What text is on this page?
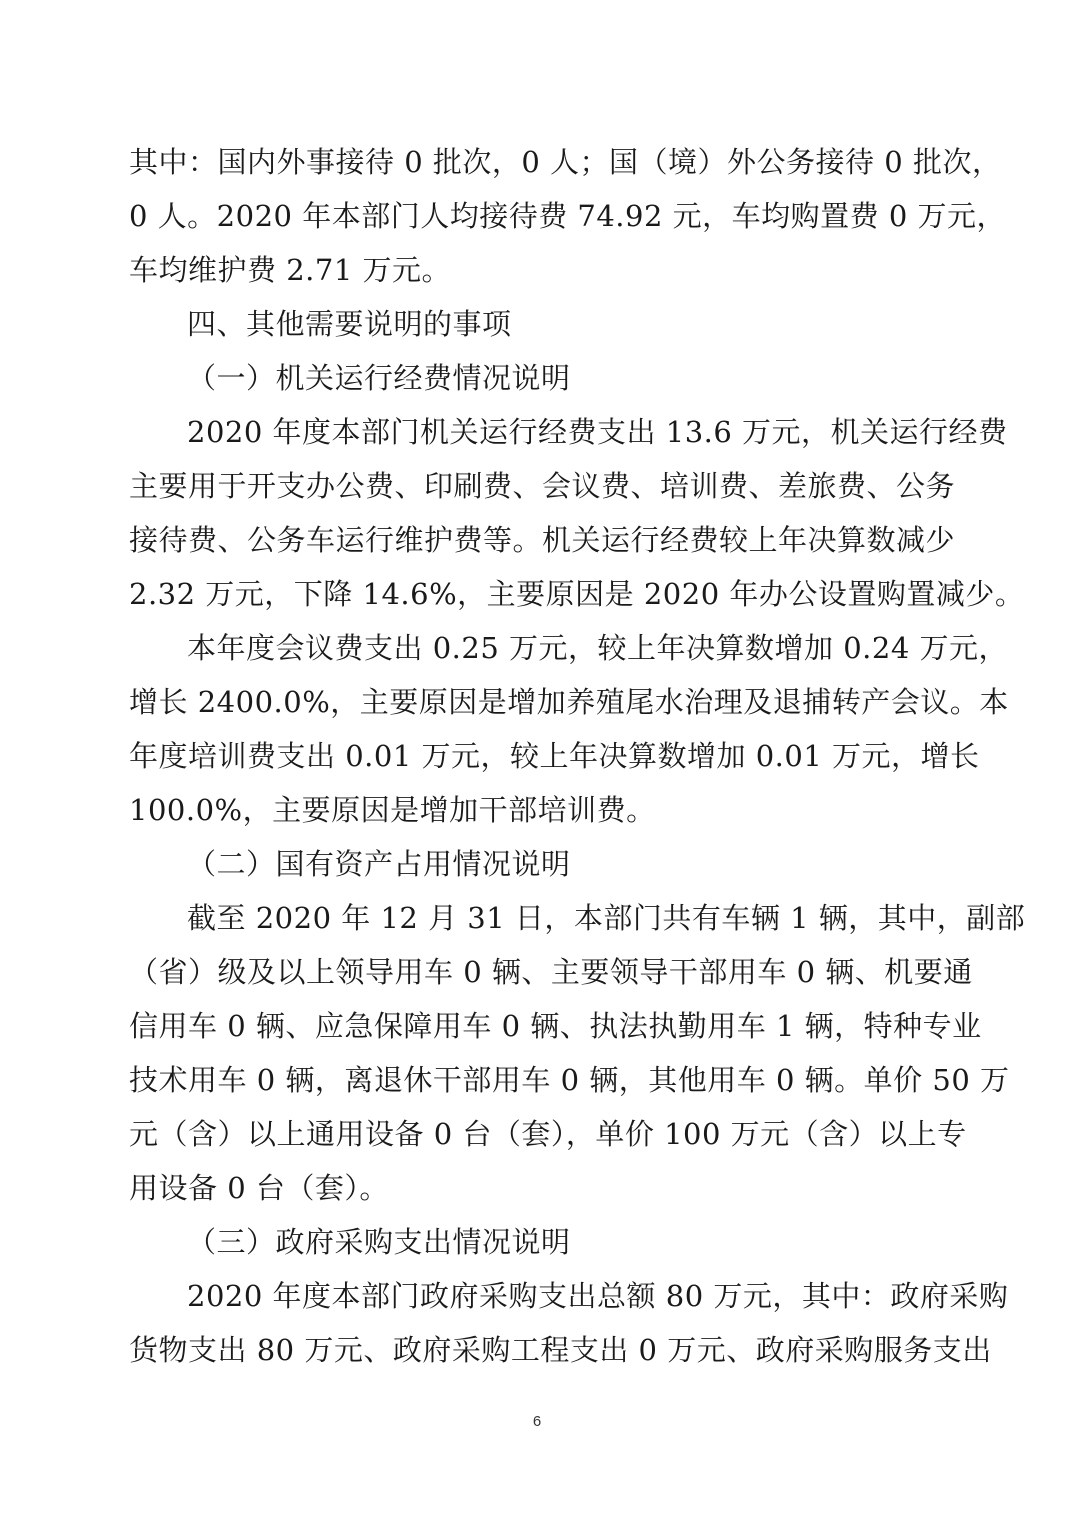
其中：国内外事接待 0 批次，0 人；国（境）外公务接待 0 批次，
0 人。2020 年本部门人均接待费 74.92 元，车均购置费 0 万元，
车均维护费 2.71 万元。
四、其他需要说明的事项
（一）机关运行经费情况说明
2020 年度本部门机关运行经费支出 13.6 万元，机关运行经费
主要用于开支办公费、印刷费、会议费、培训费、差旅费、公务
接待费、公务车运行维护费等。机关运行经费较上年决算数减少
2.32 万元，下降 14.6%，主要原因是 2020 年办公设置购置减少。
本年度会议费支出 0.25 万元，较上年决算数增加 0.24 万元，
增长 2400.0%，主要原因是增加养殖尾水治理及退捕转产会议。本
年度培训费支出 0.01 万元，较上年决算数增加 0.01 万元，增长
100.0%，主要原因是增加干部培训费。
（二）国有资产占用情况说明
截至 2020 年 12 月 31 日，本部门共有车辆 1 辆，其中，副部
（省）级及以上领导用车 0 辆、主要领导干部用车 0 辆、机要通
信用车 0 辆、应急保障用车 0 辆、执法执勤用车 1 辆，特种专业
技术用车 0 辆，离退休干部用车 0 辆，其他用车 0 辆。单价 50 万
元（含）以上通用设备 0 台（套），单价 100 万元（含）以上专
用设备 0 台（套）。
（三）政府采购支出情况说明
2020 年度本部门政府采购支出总额 80 万元，其中：政府采购
货物支出 80 万元、政府采购工程支出 0 万元、政府采购服务支出
6
